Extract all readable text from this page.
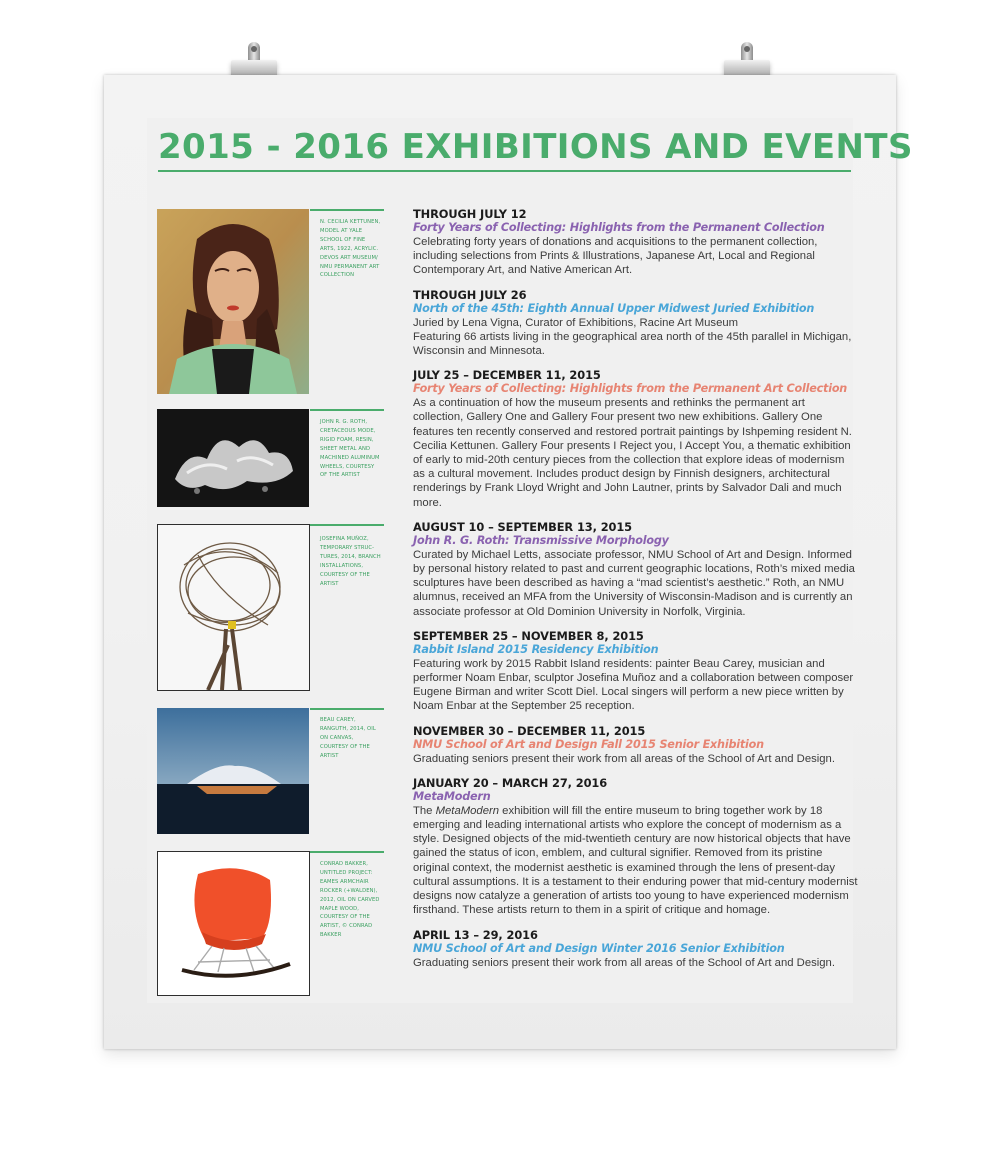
2015 - 2016 EXHIBITIONS AND EVENTS
N. CECILIA KETTUNEN, MODEL AT YALE SCHOOL OF FINE ARTS, 1922, ACRYLIC. DEVOS ART MUSEUM/ NMU PERMANENT ART COLLECTION
JOHN R. G. ROTH, CRETACEOUS MODE, RIGID FOAM, RESIN, SHEET METAL AND MACHINED ALUMINUM WHEELS, COURTESY OF THE ARTIST
JOSEFINA MUÑOZ, TEMPORARY STRUC-TURES, 2014, BRANCH INSTALLATIONS, COURTESY OF THE ARTIST
BEAU CAREY, RANGUTH, 2014, OIL ON CANVAS, COURTESY OF THE ARTIST
CONRAD BAKKER, UNTITLED PROJECT: EAMES ARMCHAIR ROCKER (+WALDEN), 2012, OIL ON CARVED MAPLE WOOD, COURTESY OF THE ARTIST, © CONRAD BAKKER
THROUGH JULY 12
Forty Years of Collecting: Highlights from the Permanent Collection
Celebrating forty years of donations and acquisitions to the permanent collection, including selections from Prints & Illustrations, Japanese Art, Local and Regional Contemporary Art, and Native American Art.
THROUGH JULY 26
North of the 45th: Eighth Annual Upper Midwest Juried Exhibition
Juried by Lena Vigna, Curator of Exhibitions, Racine Art Museum
Featuring 66 artists living in the geographical area north of the 45th parallel in Michigan, Wisconsin and Minnesota.
JULY 25 – DECEMBER 11, 2015
Forty Years of Collecting: Highlights from the Permanent Art Collection
As a continuation of how the museum presents and rethinks the permanent art collection, Gallery One and Gallery Four present two new exhibitions. Gallery One features ten recently conserved and restored portrait paintings by Ishpeming resident N. Cecilia Kettunen. Gallery Four presents I Reject you, I Accept You, a thematic exhibition of early to mid-20th century pieces from the collection that explore ideas of modernism as a cultural movement. Includes product design by Finnish designers, architectural renderings by Frank Lloyd Wright and John Lautner, prints by Salvador Dali and much more.
AUGUST 10 – SEPTEMBER 13, 2015
John R. G. Roth: Transmissive Morphology
Curated by Michael Letts, associate professor, NMU School of Art and Design. Informed by personal history related to past and current geographic locations, Roth’s mixed media sculptures have been described as having a “mad scientist’s aesthetic.” Roth, an NMU alumnus, received an MFA from the University of Wisconsin-Madison and is currently an associate professor at Old Dominion University in Norfolk, Virginia.
SEPTEMBER 25 – NOVEMBER 8, 2015
Rabbit Island 2015 Residency Exhibition
Featuring work by 2015 Rabbit Island residents: painter Beau Carey, musician and performer Noam Enbar, sculptor Josefina Muñoz and a collaboration between composer Eugene Birman and writer Scott Diel. Local singers will perform a new piece written by Noam Enbar at the September 25 reception.
NOVEMBER 30 – DECEMBER 11, 2015
NMU School of Art and Design Fall 2015 Senior Exhibition
Graduating seniors present their work from all areas of the School of Art and Design.
JANUARY 20 – MARCH 27, 2016
MetaModern
The MetaModern exhibition will fill the entire museum to bring together work by 18 emerging and leading international artists who explore the concept of modernism as a style. Designed objects of the mid-twentieth century are now historical objects that have gained the status of icon, emblem, and cultural signifier. Removed from its pristine original context, the modernist aesthetic is examined through the lens of present-day cultural assumptions. It is a testament to their enduring power that mid-century modernist designs now catalyze a generation of artists too young to have experienced modernism firsthand. These artists return to them in a spirit of critique and homage.
APRIL 13 – 29, 2016
NMU School of Art and Design Winter 2016 Senior Exhibition
Graduating seniors present their work from all areas of the School of Art and Design.
